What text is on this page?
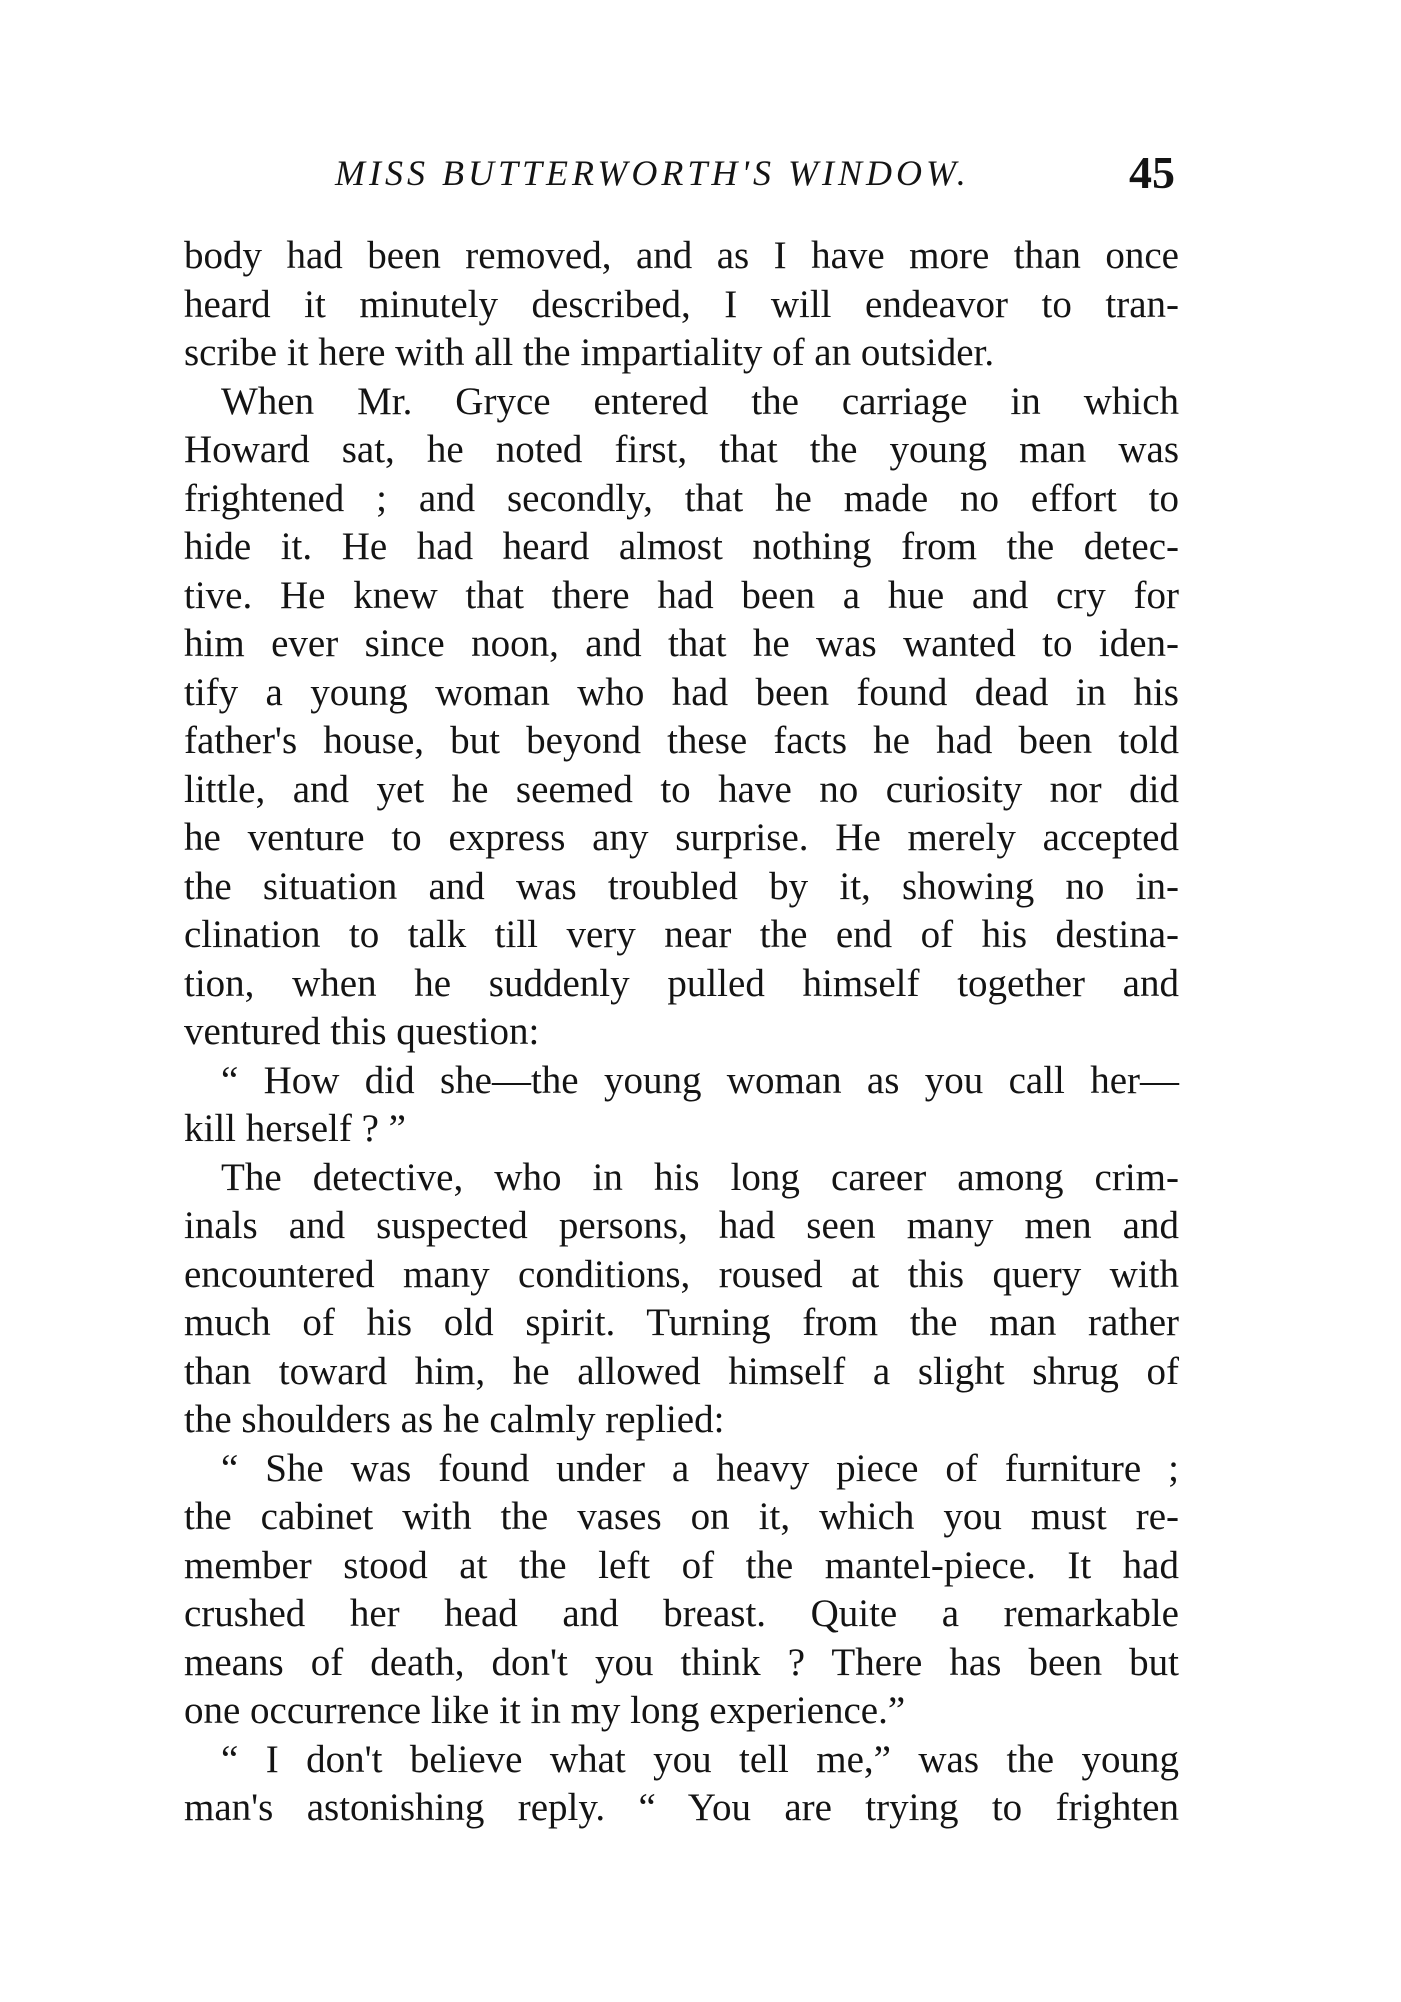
MISS BUTTERWORTH'S WINDOW.	45
body had been removed, and as I have more than once
heard it minutely described, I will endeavor to tran-
scribe it here with all the impartiality of an outsider.
When Mr. Gryce entered the carriage in which
Howard sat, he noted first, that the young man was
frightened ; and secondly, that he made no effort to
hide it. He had heard almost nothing from the detec-
tive. He knew that there had been a hue and cry for
him ever since noon, and that he was wanted to iden-
tify a young woman who had been found dead in his
father's house, but beyond these facts he had been told
little, and yet he seemed to have no curiosity nor did
he venture to express any surprise. He merely accepted
the situation and was troubled by it, showing no in-
clination to talk till very near the end of his destina-
tion, when he suddenly pulled himself together and
ventured this question:
“ How did she—the young woman as you call her—
kill herself ? ”
The detective, who in his long career among crim-
inals and suspected persons, had seen many men and
encountered many conditions, roused at this query with
much of his old spirit. Turning from the man rather
than toward him, he allowed himself a slight shrug of
the shoulders as he calmly replied:
“ She was found under a heavy piece of furniture ;
the cabinet with the vases on it, which you must re-
member stood at the left of the mantel-piece. It had
crushed her head and breast. Quite a remarkable
means of death, don't you think ? There has been but
one occurrence like it in my long experience.”
“ I don't believe what you tell me,” was the young
man's astonishing reply. “ You are trying to frighten
